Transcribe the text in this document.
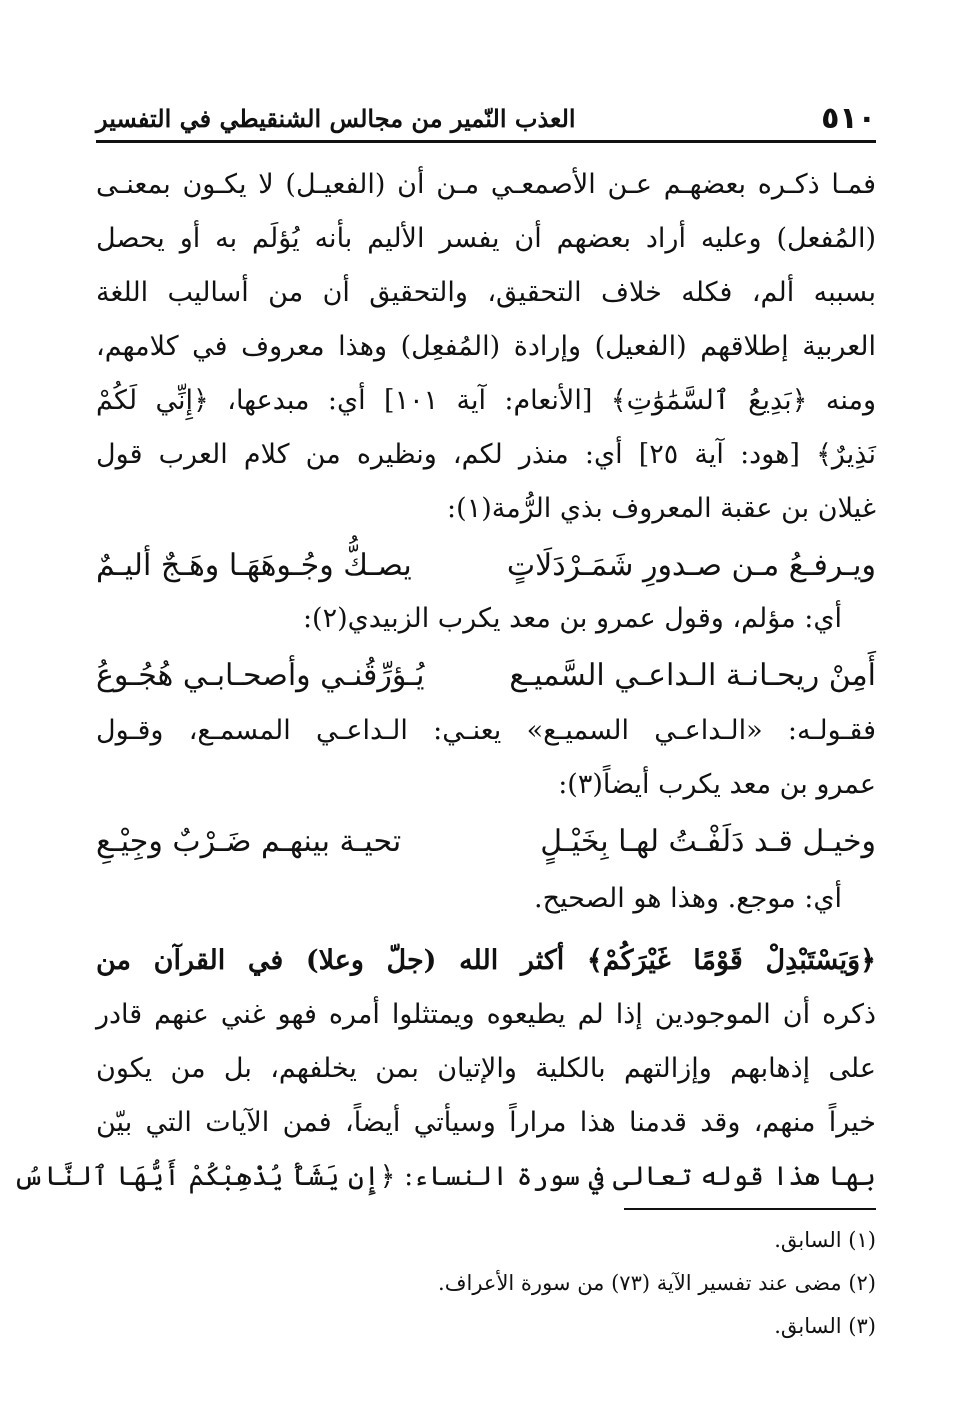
٥١٠
العذب النّمير من مجالس الشنقيطي في التفسير
فمـا ذكـره بعضهـم عـن الأصمعـي مـن أن (الفعيـل) لا يكـون بمعنـى
(المُفعل) وعليه أراد بعضهم أن يفسر الأليم بأنه يُؤلَم به أو يحصل
بسببه ألم، فكله خلاف التحقيق، والتحقيق أن من أساليب اللغة
العربية إطلاقهم (الفعيل) وإرادة (المُفعِل) وهذا معروف في كلامهم،
ومنه ﴿بَدِيعُ ٱلسَّمَٰوَٰتِ﴾ [الأنعام: آية ١٠١] أي: مبدعها، ﴿إِنِّي لَكُمْ
نَذِيرٌ﴾ [هود: آية ٢٥] أي: منذر لكم، ونظيره من كلام العرب قول
غيلان بن عقبة المعروف بذي الرُّمة(١):
ويـرفـعُ مـن صـدورِ شَمَـرْدَلَاتٍ
يصـكُّ وجُـوهَهَـا وهَـجٌ أليـمٌ
أي: مؤلم، وقول عمرو بن معد يكرب الزبيدي(٢):
أَمِنْ ريحـانـة الـداعـي السَّميـع
يُـؤرِّقُنـي وأصحـابـي هُجُـوعُ
فقـولـه: «الـداعـي السميـع» يعنـي: الـداعـي المسمـع، وقـول
عمرو بن معد يكرب أيضاً(٣):
وخيـل قـد دَلَفْـتُ لهـا بِخَيْـلٍ
تحيـة بينهـم ضَـرْبٌ وجِيْـعِ
أي: موجع. وهذا هو الصحيح.
﴿وَيَسْتَبْدِلْ قَوْمًا غَيْرَكُمْ﴾ أكثر الله (جلّ وعلا) في القرآن من
ذكره أن الموجودين إذا لم يطيعوه ويمتثلوا أمره فهو غني عنهم قادر
على إذهابهم وإزالتهم بالكلية والإتيان بمن يخلفهم، بل من يكون
خيراً منهم، وقد قدمنا هذا مراراً وسيأتي أيضاً، فمن الآيات التي بيّن
بها هذا قوله تعالى في سورة النساء: ﴿إِن يَشَأْ يُذْهِبْكُمْ أَيُّهَا ٱلنَّاسُ
(١) السابق.
(٢) مضى عند تفسير الآية (٧٣) من سورة الأعراف.
(٣) السابق.
